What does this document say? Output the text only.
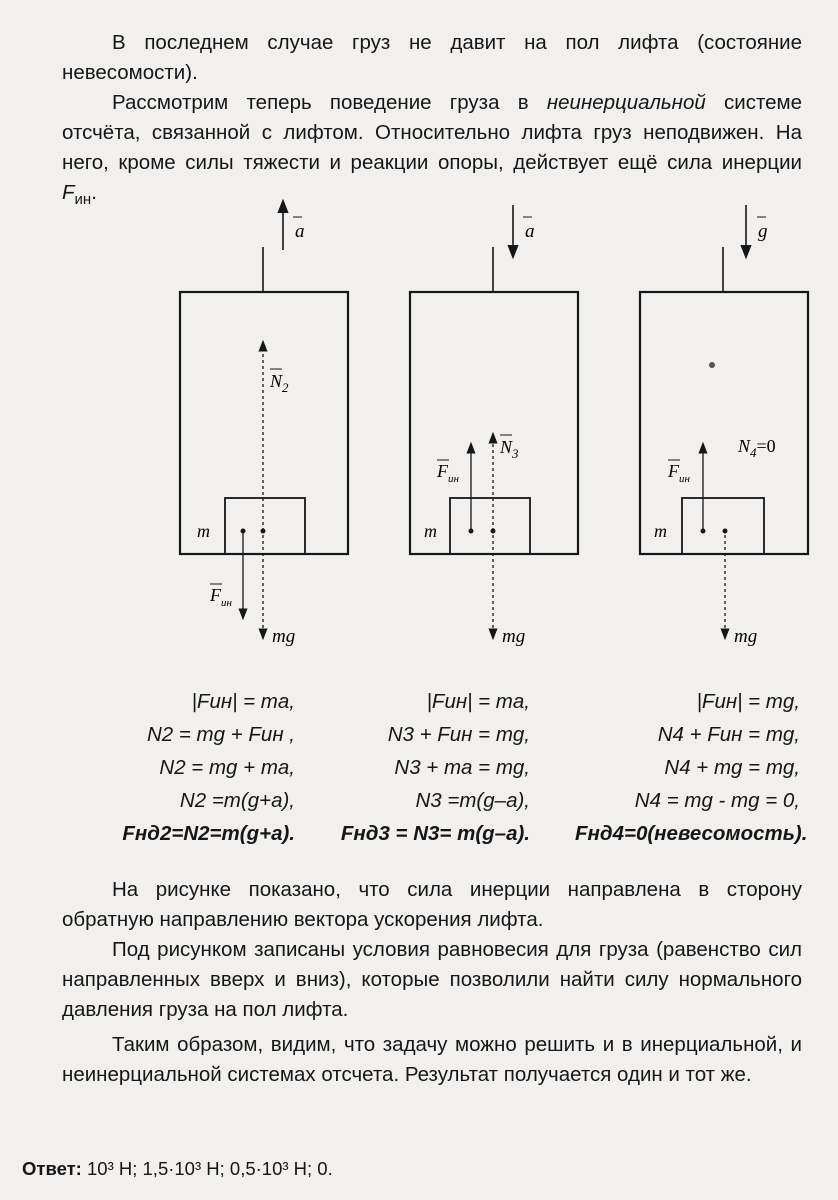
В последнем случае груз не давит на пол лифта (состояние невесомости).
Рассмотрим теперь поведение груза в неинерциальной системе отсчёта, связанной с лифтом. Относительно лифта груз неподвижен. На него, кроме силы тяжести и реакции опоры, действует ещё сила инерции $F_{ин}$.
a
m
$N_2$
$F_{ин}$
mg
a
m
$N_3$
$F_{ин}$
mg
g
$N_4=0$
m
$F_{ин}$
mg
|Fин| = ma,
N2 = mg + Fин ,
N2 = mg + ma,
N2 =m(g+a),
Fнд2=N2=m(g+a).
|Fин| = ma,
N3 + Fин = mg,
N3 + ma = mg,
N3 =m(g–a),
Fнд3 = N3= m(g–a).
|Fин| = mg,
N4 + Fин = mg,
N4 + mg = mg,
N4 = mg - mg = 0,
Fнд4=0(невесомость).
На рисунке показано, что сила инерции направлена в сторону обратную направлению вектора ускорения лифта.
Под рисунком записаны условия равновесия для груза (равенство сил направленных вверх и вниз), которые позволили найти силу нормального давления груза на пол лифта.
Таким образом, видим, что задачу можно решить и в инерциальной, и неинерциальной системах отсчета. Результат получается один и тот же.
Ответ: 10³ Н; 1,5·10³ Н; 0,5·10³ Н; 0.
